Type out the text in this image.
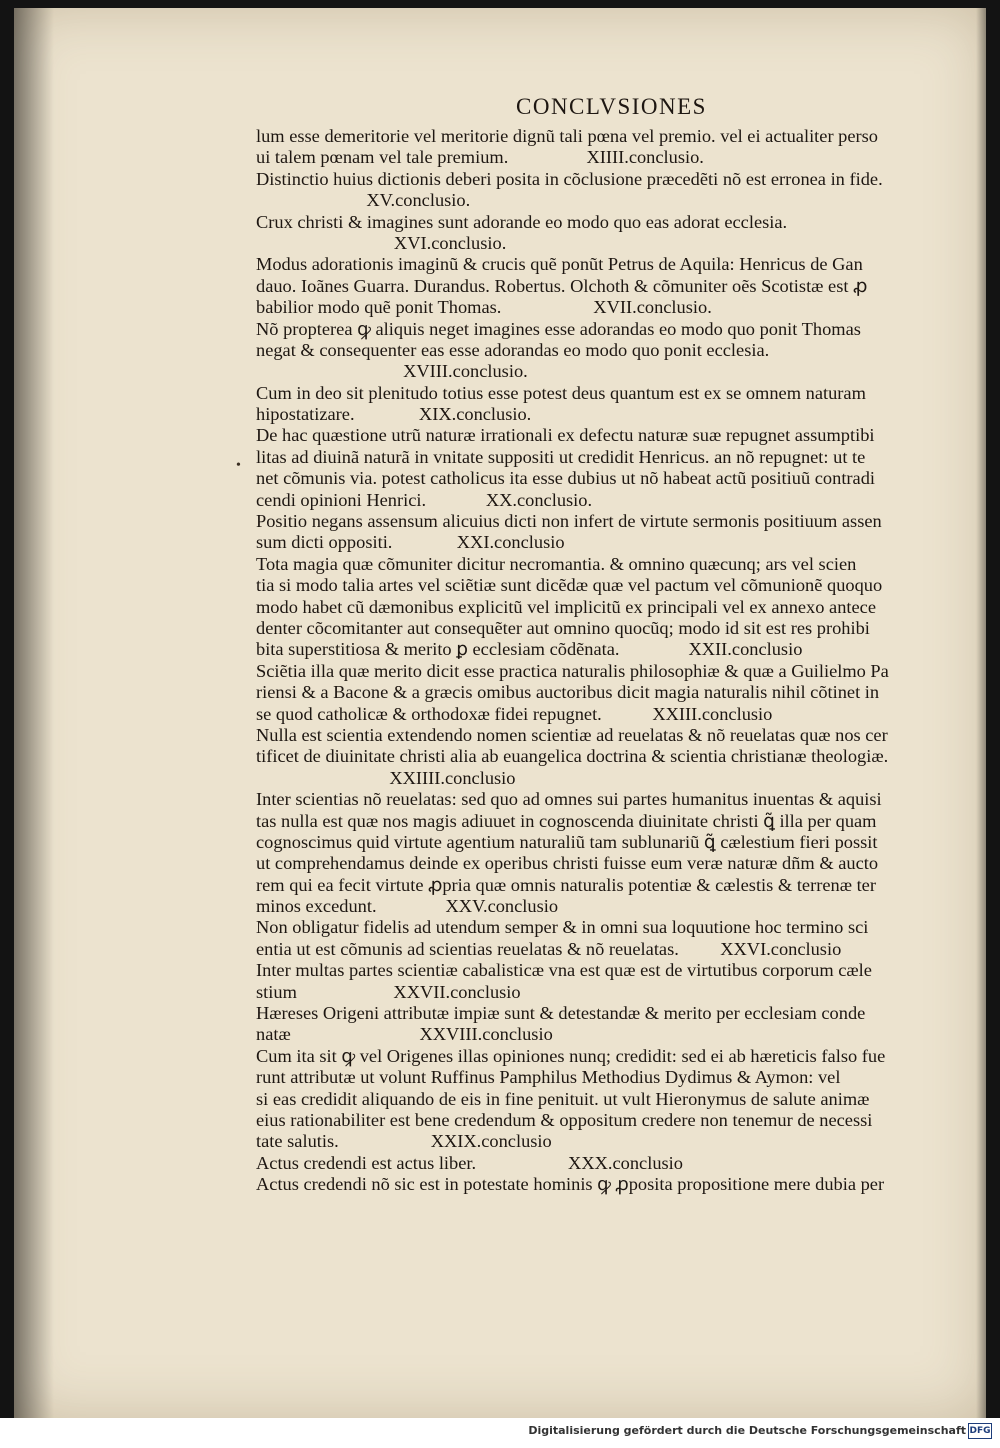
CONCLVSIONES
•
lum esse demeritorie vel meritorie dignũ tali pœna vel premio. vel ei actualiter perso
ui talem pœnam vel tale premium.                 XIIII.conclusio.
Distinctio huius dictionis deberi posita in cõclusione præcedẽti nõ est erronea in fide.
XV.conclusio.
Crux christi & imagines sunt adorande eo modo quo eas adorat ecclesia.
XVI.conclusio.
Modus adorationis imaginũ & crucis quẽ ponũt Petrus de Aquila: Henricus de Gan
dauo. Ioãnes Guarra. Durandus. Robertus. Olchoth & cõmuniter oẽs Scotistæ est ꝓ
babilior modo quẽ ponit Thomas.                    XVII.conclusio.
Nõ propterea ꝙ aliquis neget imagines esse adorandas eo modo quo ponit Thomas
negat & consequenter eas esse adorandas eo modo quo ponit ecclesia.
XVIII.conclusio.
Cum in deo sit plenitudo totius esse potest deus quantum est ex se omnem naturam
hipostatizare.              XIX.conclusio.
De hac quæstione utrũ naturæ irrationali ex defectu naturæ suæ repugnet assumptibi
litas ad diuinã naturã in vnitate suppositi ut credidit Henricus. an nõ repugnet: ut te
net cõmunis via. potest catholicus ita esse dubius ut nõ habeat actũ positiuũ contradi
cendi opinioni Henrici.             XX.conclusio.
Positio negans assensum alicuius dicti non infert de virtute sermonis positiuum assen
sum dicti oppositi.              XXI.conclusio
Tota magia quæ cõmuniter dicitur necromantia. & omnino quæcunq; ars vel scien
tia si modo talia artes vel sciẽtiæ sunt dicẽdæ quæ vel pactum vel cõmunionẽ quoquo
modo habet cũ dæmonibus explicitũ vel implicitũ ex principali vel ex annexo antece
denter cõcomitanter aut consequẽter aut omnino quocũq; modo id sit est res prohibi
bita superstitiosa & merito ꝑ ecclesiam cõdẽnata.               XXII.conclusio
Sciẽtia illa quæ merito dicit esse practica naturalis philosophiæ & quæ a Guilielmo Pa
riensi & a Bacone & a græcis omibus auctoribus dicit magia naturalis nihil cõtinet in
se quod catholicæ & orthodoxæ fidei repugnet.           XXIII.conclusio
Nulla est scientia extendendo nomen scientiæ ad reuelatas & nõ reuelatas quæ nos cer
tificet de diuinitate christi alia ab euangelica doctrina & scientia christianæ theologiæ.
XXIIII.conclusio
Inter scientias nõ reuelatas: sed quo ad omnes sui partes humanitus inuentas & aquisi
tas nulla est quæ nos magis adiuuet in cognoscenda diuinitate christi ꝗ̃ illa per quam
cognoscimus quid virtute agentium naturaliũ tam sublunariũ ꝗ̃ cælestium fieri possit
ut comprehendamus deinde ex operibus christi fuisse eum veræ naturæ dñm & aucto
rem qui ea fecit virtute ꝓpria quæ omnis naturalis potentiæ & cælestis & terrenæ ter
minos excedunt.               XXV.conclusio
Non obligatur fidelis ad utendum semper & in omni sua loquutione hoc termino sci
entia ut est cõmunis ad scientias reuelatas & nõ reuelatas.         XXVI.conclusio
Inter multas partes scientiæ cabalisticæ vna est quæ est de virtutibus corporum cæle
stium                     XXVII.conclusio
Hæreses Origeni attributæ impiæ sunt & detestandæ & merito per ecclesiam conde
natæ                            XXVIII.conclusio
Cum ita sit ꝙ vel Origenes illas opiniones nunq; credidit: sed ei ab hæreticis falso fue
runt attributæ ut volunt Ruffinus Pamphilus Methodius Dydimus & Aymon: vel
si eas credidit aliquando de eis in fine penituit. ut vult Hieronymus de salute animæ
eius rationabiliter est bene credendum & oppositum credere non tenemur de necessi
tate salutis.                    XXIX.conclusio
Actus credendi est actus liber.                    XXX.conclusio
Actus credendi nõ sic est in potestate hominis ꝙ ꝓposita propositione mere dubia per
Digitalisierung gefördert durch die Deutsche Forschungsgemeinschaft DFG
